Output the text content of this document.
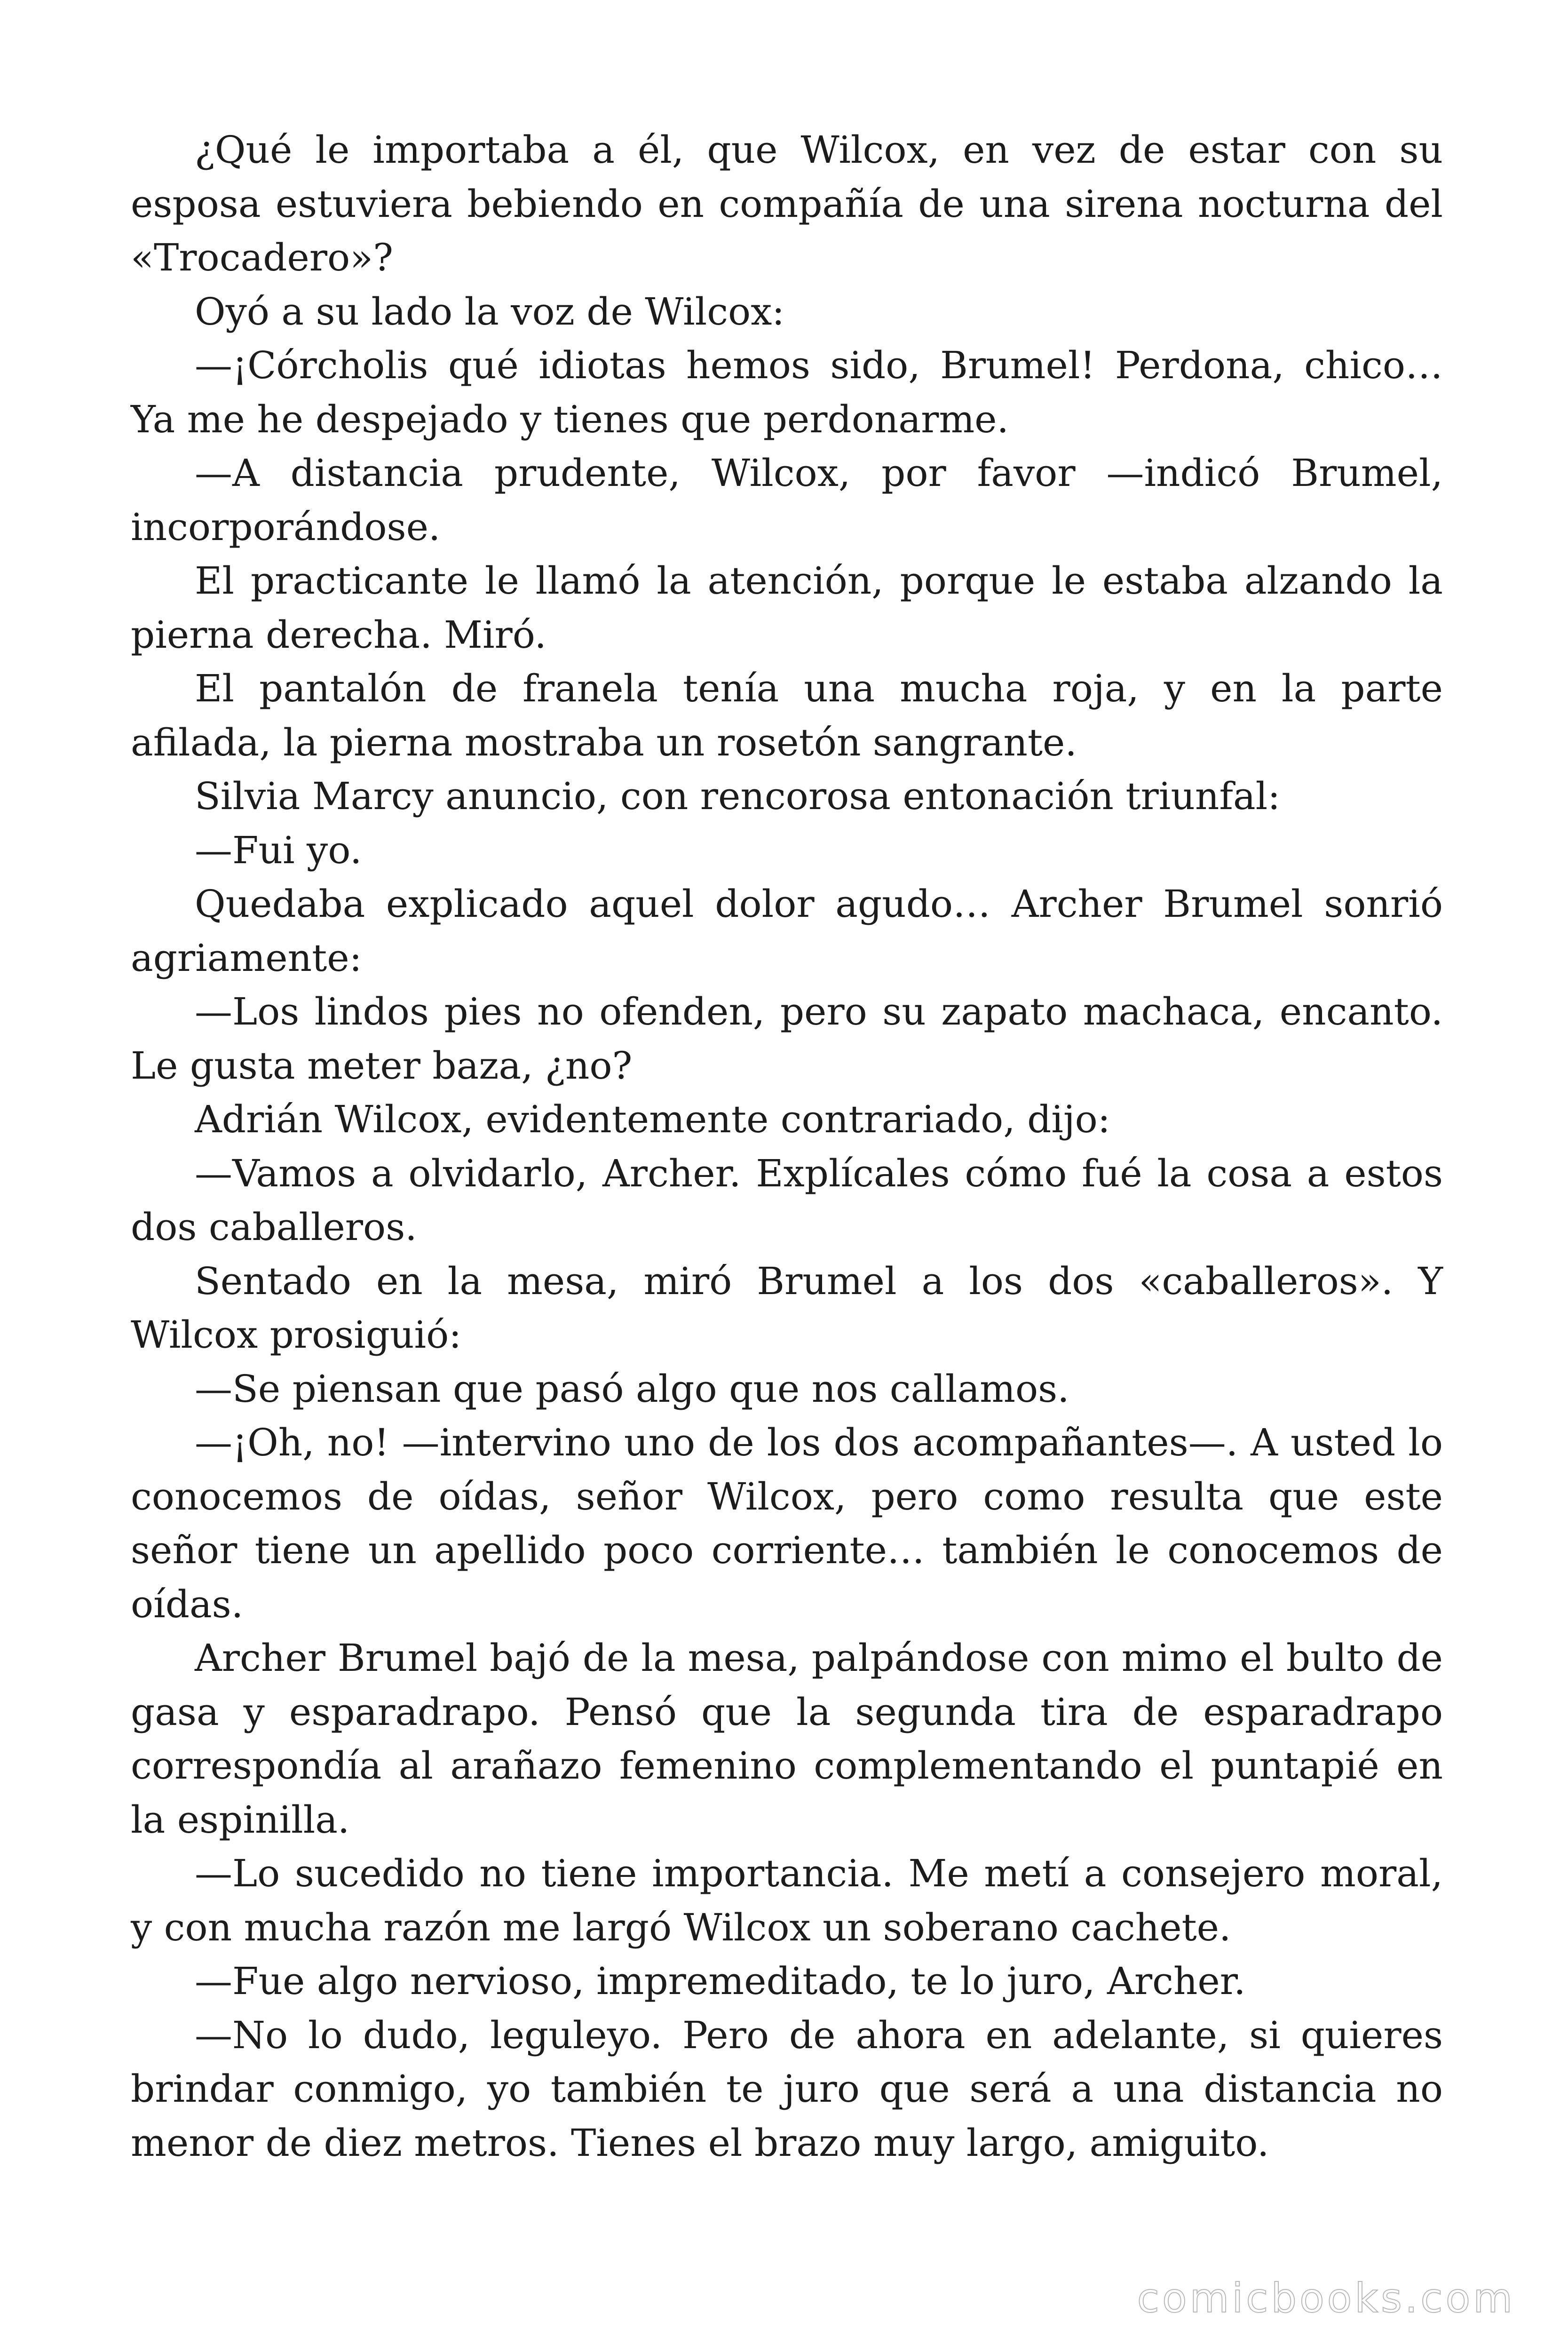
¿Qué le importaba a él, que Wilcox, en vez de estar con su esposa estuviera bebiendo en compañía de una sirena nocturna del «Trocadero»?

Oyó a su lado la voz de Wilcox:

—¡Córcholis qué idiotas hemos sido, Brumel! Perdona, chico… Ya me he despejado y tienes que perdonarme.

—A distancia prudente, Wilcox, por favor —indicó Brumel, incorporándose.

El practicante le llamó la atención, porque le estaba alzando la pierna derecha. Miró.

El pantalón de franela tenía una mucha roja, y en la parte afilada, la pierna mostraba un rosetón sangrante.

Silvia Marcy anuncio, con rencorosa entonación triunfal:

—Fui yo.

Quedaba explicado aquel dolor agudo… Archer Brumel sonrió agriamente:

—Los lindos pies no ofenden, pero su zapato machaca, encanto. Le gusta meter baza, ¿no?

Adrián Wilcox, evidentemente contrariado, dijo:

—Vamos a olvidarlo, Archer. Explícales cómo fué la cosa a estos dos caballeros.

Sentado en la mesa, miró Brumel a los dos «caballeros». Y Wilcox prosiguió:

—Se piensan que pasó algo que nos callamos.

—¡Oh, no! —intervino uno de los dos acompañantes—. A usted lo conocemos de oídas, señor Wilcox, pero como resulta que este señor tiene un apellido poco corriente… también le conocemos de oídas.

Archer Brumel bajó de la mesa, palpándose con mimo el bulto de gasa y esparadrapo. Pensó que la segunda tira de esparadrapo correspondía al arañazo femenino complementando el puntapié en la espinilla.

—Lo sucedido no tiene importancia. Me metí a consejero moral, y con mucha razón me largó Wilcox un soberano cachete.

—Fue algo nervioso, impremeditado, te lo juro, Archer.

—No lo dudo, leguleyo. Pero de ahora en adelante, si quieres brindar conmigo, yo también te juro que será a una distancia no menor de diez metros. Tienes el brazo muy largo, amiguito.

comicbooks.com
